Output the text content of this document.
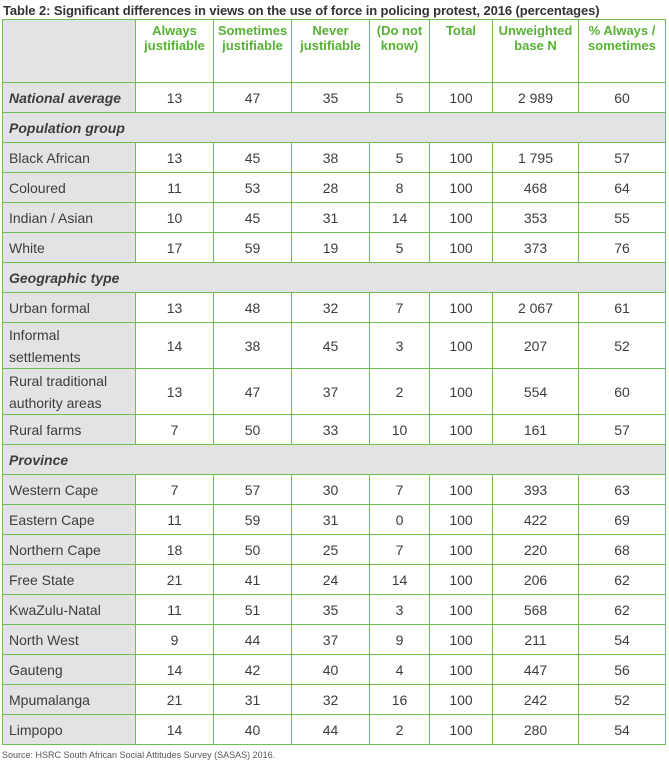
Table 2: Significant differences in views on the use of force in policing protest, 2016 (percentages)
	Always justifiable	Sometimes justifiable	Never justifiable	(Do not know)	Total	Unweighted base N	% Always / sometimes
National average	13	47	35	5	100	2 989	60
Population group							
Black African	13	45	38	5	100	1 795	57
Coloured	11	53	28	8	100	468	64
Indian / Asian	10	45	31	14	100	353	55
White	17	59	19	5	100	373	76
Geographic type							
Urban formal	13	48	32	7	100	2 067	61
Informal settlements	14	38	45	3	100	207	52
Rural traditional authority areas	13	47	37	2	100	554	60
Rural farms	7	50	33	10	100	161	57
Province							
Western Cape	7	57	30	7	100	393	63
Eastern Cape	11	59	31	0	100	422	69
Northern Cape	18	50	25	7	100	220	68
Free State	21	41	24	14	100	206	62
KwaZulu-Natal	11	51	35	3	100	568	62
North West	9	44	37	9	100	211	54
Gauteng	14	42	40	4	100	447	56
Mpumalanga	21	31	32	16	100	242	52
Limpopo	14	40	44	2	100	280	54
Source: HSRC South African Social Attitudes Survey (SASAS) 2016.
